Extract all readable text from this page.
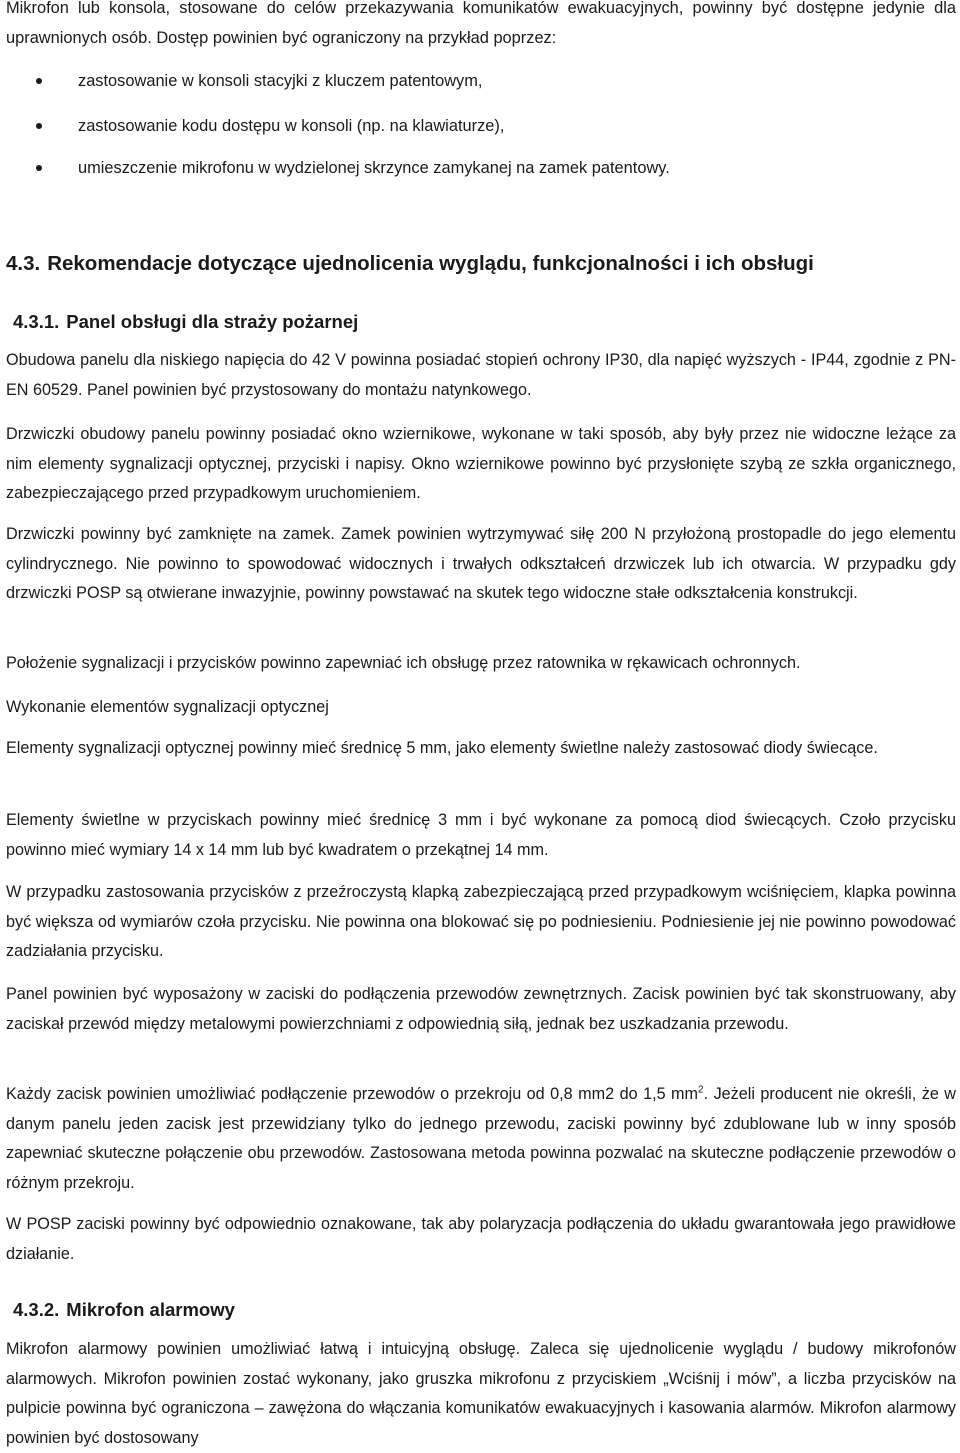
Mikrofon lub konsola, stosowane do celów przekazywania komunikatów ewakuacyjnych, powinny być dostępne jedynie dla uprawnionych osób. Dostęp powinien być ograniczony na przykład poprzez:

zastosowanie w konsoli stacyjki z kluczem patentowym,
zastosowanie kodu dostępu w konsoli (np. na klawiaturze),
umieszczenie mikrofonu w wydzielonej skrzynce zamykanej na zamek patentowy.
4.3. Rekomendacje dotyczące ujednolicenia wyglądu, funkcjonalności i ich obsługi
4.3.1. Panel obsługi dla straży pożarnej

Obudowa panelu dla niskiego napięcia do 42 V powinna posiadać stopień ochrony IP30, dla napięć wyższych - IP44, zgodnie z PN-EN 60529. Panel powinien być przystosowany do montażu natynkowego.

Drzwiczki obudowy panelu powinny posiadać okno wziernikowe, wykonane w taki sposób, aby były przez nie widoczne leżące za nim elementy sygnalizacji optycznej, przyciski i napisy. Okno wziernikowe powinno być przysłonięte szybą ze szkła organicznego, zabezpieczającego przed przypadkowym uruchomieniem.

Drzwiczki powinny być zamknięte na zamek. Zamek powinien wytrzymywać siłę 200 N przyłożoną prostopadle do jego elementu cylindrycznego. Nie powinno to spowodować widocznych i trwałych odkształceń drzwiczek lub ich otwarcia. W przypadku gdy drzwiczki POSP są otwierane inwazyjnie, powinny powstawać na skutek tego widoczne stałe odkształcenia konstrukcji.

Położenie sygnalizacji i przycisków powinno zapewniać ich obsługę przez ratownika w rękawicach ochronnych.

Wykonanie elementów sygnalizacji optycznej

Elementy sygnalizacji optycznej powinny mieć średnicę 5 mm, jako elementy świetlne należy zastosować diody świecące.

Elementy świetlne w przyciskach powinny mieć średnicę 3 mm i być wykonane za pomocą diod świecących. Czoło przycisku powinno mieć wymiary 14 x 14 mm lub być kwadratem o przekątnej 14 mm.

W przypadku zastosowania przycisków z przeźroczystą klapką zabezpieczającą przed przypadkowym wciśnięciem, klapka powinna być większa od wymiarów czoła przycisku. Nie powinna ona blokować się po podniesieniu. Podniesienie jej nie powinno powodować zadziałania przycisku.

Panel powinien być wyposażony w zaciski do podłączenia przewodów zewnętrznych. Zacisk powinien być tak skonstruowany, aby zaciskał przewód między metalowymi powierzchniami z odpowiednią siłą, jednak bez uszkadzania przewodu.

Każdy zacisk powinien umożliwiać podłączenie przewodów o przekroju od 0,8 mm2 do 1,5 $mm^2$. Jeżeli producent nie określi, że w danym panelu jeden zacisk jest przewidziany tylko do jednego przewodu, zaciski powinny być zdublowane lub w inny sposób zapewniać skuteczne połączenie obu przewodów. Zastosowana metoda powinna pozwalać na skuteczne podłączenie przewodów o różnym przekroju.

W POSP zaciski powinny być odpowiednio oznakowane, tak aby polaryzacja podłączenia do układu gwarantowała jego prawidłowe działanie.

4.3.2. Mikrofon alarmowy

Mikrofon alarmowy powinien umożliwiać łatwą i intuicyjną obsługę. Zaleca się ujednolicenie wyglądu / budowy mikrofonów alarmowych. Mikrofon powinien zostać wykonany, jako gruszka mikrofonu z przyciskiem „Wciśnij i mów”, a liczba przycisków na pulpicie powinna być ograniczona – zawężona do włączania komunikatów ewakuacyjnych i kasowania alarmów. Mikrofon alarmowy powinien być dostosowany
